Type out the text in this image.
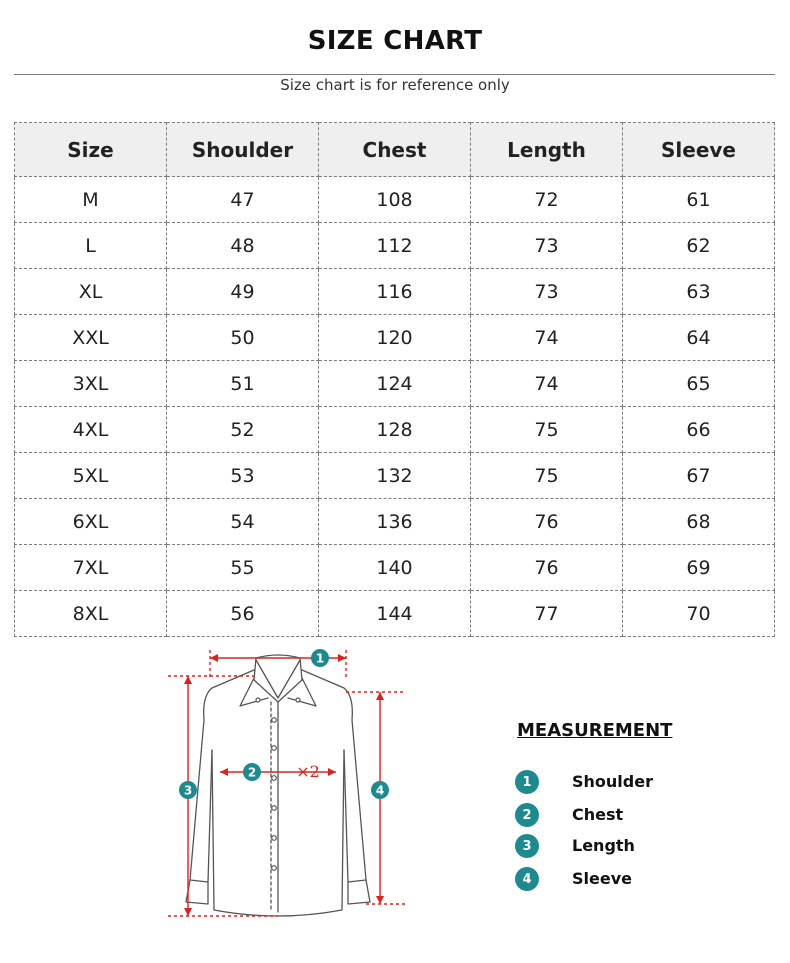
SIZE CHART
Size chart is for reference only
Size	Shoulder	Chest	Length	Sleeve
M	47	108	72	61
L	48	112	73	62
XL	49	116	73	63
XXL	50	120	74	64
3XL	51	124	74	65
4XL	52	128	75	66
5XL	53	132	75	67
6XL	54	136	76	68
7XL	55	140	76	69
8XL	56	144	77	70
1
2
3	4
×2
MEASUREMENT
1	Shoulder
2	Chest
3	Length
4	Sleeve
